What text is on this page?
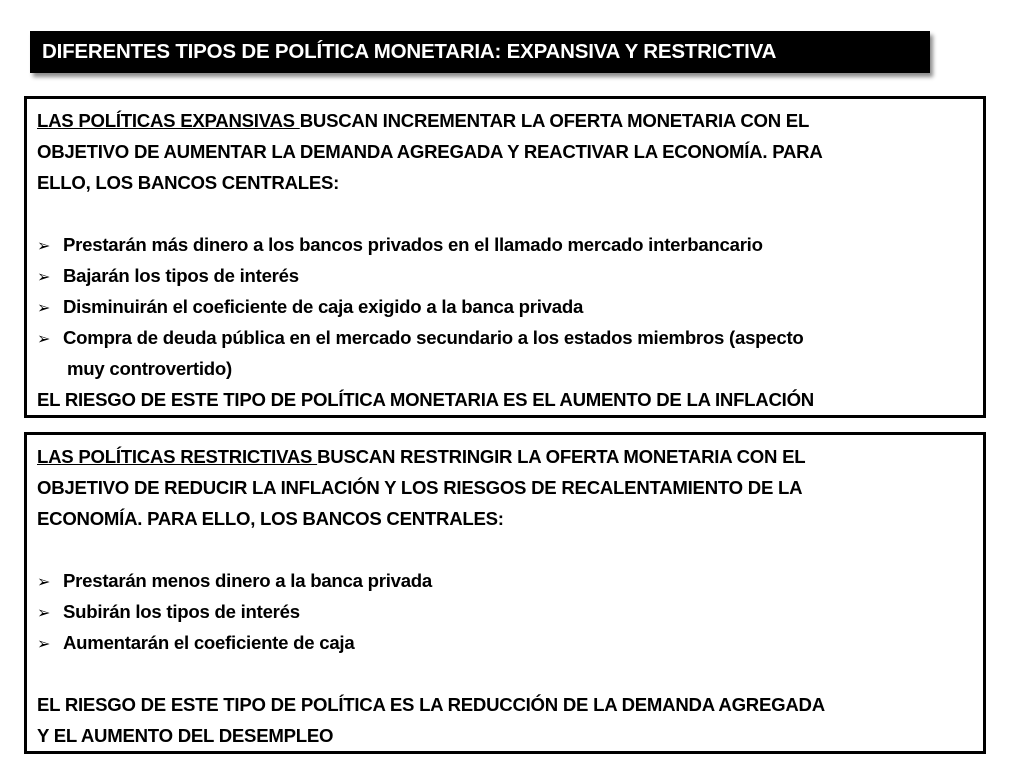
DIFERENTES TIPOS DE POLÍTICA MONETARIA: EXPANSIVA Y RESTRICTIVA
LAS POLÍTICAS EXPANSIVAS BUSCAN INCREMENTAR LA OFERTA MONETARIA CON EL
OBJETIVO DE AUMENTAR LA DEMANDA AGREGADA Y REACTIVAR LA ECONOMÍA. PARA
ELLO, LOS BANCOS CENTRALES:
➢ Prestarán más dinero a los bancos privados en el llamado mercado interbancario
➢ Bajarán los tipos de interés
➢ Disminuirán el coeficiente de caja exigido a la banca privada
➢ Compra de deuda pública en el mercado secundario a los estados miembros (aspecto
muy controvertido)
EL RIESGO DE ESTE TIPO DE POLÍTICA MONETARIA ES EL AUMENTO DE LA INFLACIÓN
LAS POLÍTICAS RESTRICTIVAS BUSCAN RESTRINGIR LA OFERTA MONETARIA CON EL
OBJETIVO DE REDUCIR LA INFLACIÓN Y LOS RIESGOS DE RECALENTAMIENTO DE LA
ECONOMÍA. PARA ELLO, LOS BANCOS CENTRALES:
➢ Prestarán menos dinero a la banca privada
➢ Subirán los tipos de interés
➢ Aumentarán el coeficiente de caja
EL RIESGO DE ESTE TIPO DE POLÍTICA ES LA REDUCCIÓN DE LA DEMANDA AGREGADA
Y EL AUMENTO DEL DESEMPLEO
